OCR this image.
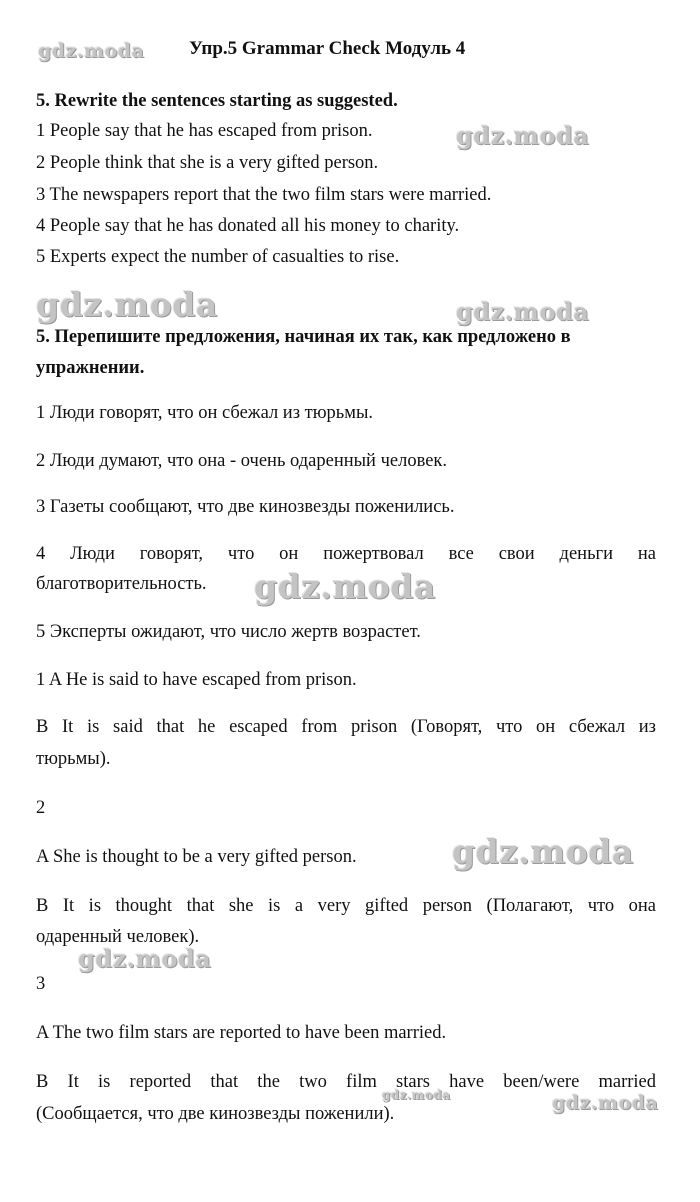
gdz.moda
gdz.moda
gdz.moda	gdz.moda
gdz.moda
gdz.moda
gdz.moda
gdz.moda	gdz.moda
Упр.5 Grammar Check Модуль 4
5. Rewrite the sentences starting as suggested.
1 People say that he has escaped from prison.
2 People think that she is a very gifted person.
3 The newspapers report that the two film stars were married.
4 People say that he has donated all his money to charity.
5 Experts expect the number of casualties to rise.
5. Перепишите предложения, начиная их так, как предложено в
упражнении.
1 Люди говорят, что он сбежал из тюрьмы.
2 Люди думают, что она - очень одаренный человек.
3 Газеты сообщают, что две кинозвезды поженились.
4 Люди говорят, что он пожертвовал все свои деньги на
благотворительность.
5 Эксперты ожидают, что число жертв возрастет.
1 A He is said to have escaped from prison.
B It is said that he escaped from prison (Говорят, что он сбежал из
тюрьмы).
2
A She is thought to be a very gifted person.
B It is thought that she is a very gifted person (Полагают, что она
одаренный человек).
3
A The two film stars are reported to have been married.
B It is reported that the two film stars have been/were married
(Сообщается, что две кинозвезды поженили).
